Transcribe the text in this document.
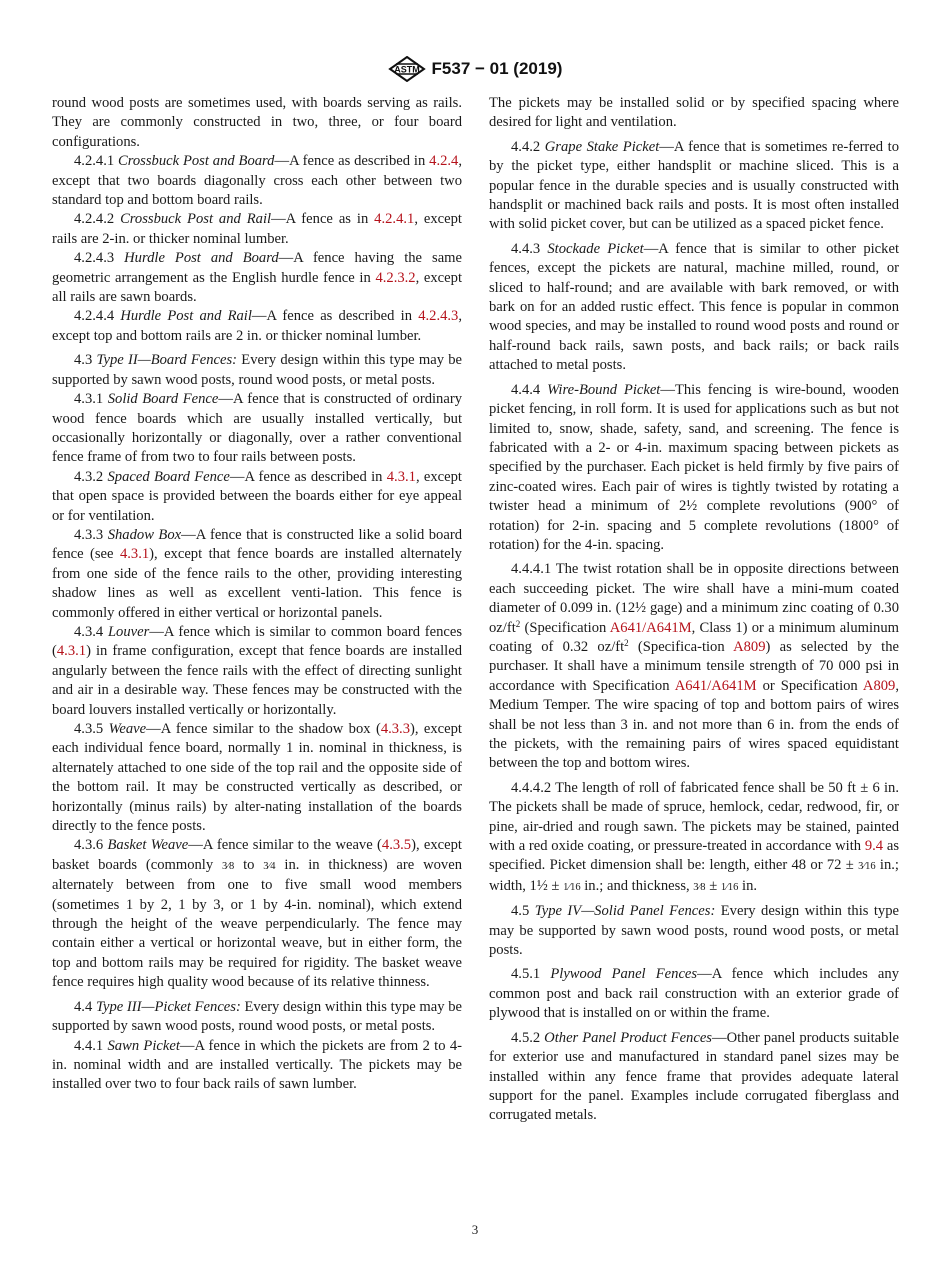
ASTM F537 − 01 (2019)

round wood posts are sometimes used, with boards serving as rails. They are commonly constructed in two, three, or four board configurations.

4.2.4.1 Crossbuck Post and Board—A fence as described in 4.2.4, except that two boards diagonally cross each other between two standard top and bottom board rails.

4.2.4.2 Crossbuck Post and Rail—A fence as in 4.2.4.1, except rails are 2-in. or thicker nominal lumber.

4.2.4.3 Hurdle Post and Board—A fence having the same geometric arrangement as the English hurdle fence in 4.2.3.2, except all rails are sawn boards.

4.2.4.4 Hurdle Post and Rail—A fence as described in 4.2.4.3, except top and bottom rails are 2 in. or thicker nominal lumber.

4.3 Type II—Board Fences: Every design within this type may be supported by sawn wood posts, round wood posts, or metal posts.

4.3.1 Solid Board Fence—A fence that is constructed of ordinary wood fence boards which are usually installed vertically, but occasionally horizontally or diagonally, over a rather conventional fence frame of from two to four rails between posts.

4.3.2 Spaced Board Fence—A fence as described in 4.3.1, except that open space is provided between the boards either for eye appeal or for ventilation.

4.3.3 Shadow Box—A fence that is constructed like a solid board fence (see 4.3.1), except that fence boards are installed alternately from one side of the fence rails to the other, providing interesting shadow lines as well as excellent venti-lation. This fence is commonly offered in either vertical or horizontal panels.

4.3.4 Louver—A fence which is similar to common board fences (4.3.1) in frame configuration, except that fence boards are installed angularly between the fence rails with the effect of directing sunlight and air in a desirable way. These fences may be constructed with the board louvers installed vertically or horizontally.

4.3.5 Weave—A fence similar to the shadow box (4.3.3), except each individual fence board, normally 1 in. nominal in thickness, is alternately attached to one side of the top rail and the opposite side of the bottom rail. It may be constructed vertically as described, or horizontally (minus rails) by alter-nating installation of the boards directly to the fence posts.

4.3.6 Basket Weave—A fence similar to the weave (4.3.5), except basket boards (commonly 3⁄8 to 3⁄4 in. in thickness) are woven alternately between from one to five small wood members (sometimes 1 by 2, 1 by 3, or 1 by 4-in. nominal), which extend through the height of the weave perpendicularly. The fence may contain either a vertical or horizontal weave, but in either form, the top and bottom rails may be required for rigidity. The basket weave fence requires high quality wood because of its relative thinness.

4.4 Type III—Picket Fences: Every design within this type may be supported by sawn wood posts, round wood posts, or metal posts.

4.4.1 Sawn Picket—A fence in which the pickets are from 2 to 4-in. nominal width and are installed vertically. The pickets may be installed over two to four back rails of sawn lumber.

The pickets may be installed solid or by specified spacing where desired for light and ventilation.

4.4.2 Grape Stake Picket—A fence that is sometimes re-ferred to by the picket type, either handsplit or machine sliced. This is a popular fence in the durable species and is usually constructed with handsplit or machined back rails and posts. It is most often installed with solid picket cover, but can be utilized as a spaced picket fence.

4.4.3 Stockade Picket—A fence that is similar to other picket fences, except the pickets are natural, machine milled, round, or sliced to half-round; and are available with bark removed, or with bark on for an added rustic effect. This fence is popular in common wood species, and may be installed to round wood posts and round or half-round back rails, sawn posts, and back rails; or back rails attached to metal posts.

4.4.4 Wire-Bound Picket—This fencing is wire-bound, wooden picket fencing, in roll form. It is used for applications such as but not limited to, snow, shade, safety, sand, and screening. The fence is fabricated with a 2- or 4-in. maximum spacing between pickets as specified by the purchaser. Each picket is held firmly by five pairs of zinc-coated wires. Each pair of wires is tightly twisted by rotating a twister head a minimum of 2½ complete revolutions (900° of rotation) for 2-in. spacing and 5 complete revolutions (1800° of rotation) for the 4-in. spacing.

4.4.4.1 The twist rotation shall be in opposite directions between each succeeding picket. The wire shall have a mini-mum coated diameter of 0.099 in. (12½ gage) and a minimum zinc coating of 0.30 $oz/ft^2$ (Specification A641/A641M, Class 1) or a minimum aluminum coating of 0.32 $oz/ft^2$ (Specifica-tion A809) as selected by the purchaser. It shall have a minimum tensile strength of 70 000 psi in accordance with Specification A641/A641M or Specification A809, Medium Temper. The wire spacing of top and bottom pairs of wires shall be not less than 3 in. and not more than 6 in. from the ends of the pickets, with the remaining pairs of wires spaced equidistant between the top and bottom wires.

4.4.4.2 The length of roll of fabricated fence shall be 50 ft ± 6 in. The pickets shall be made of spruce, hemlock, cedar, redwood, fir, or pine, air-dried and rough sawn. The pickets may be stained, painted with a red oxide coating, or pressure-treated in accordance with 9.4 as specified. Picket dimension shall be: length, either 48 or 72 ± 3⁄16 in.; width, 1½ ± 1⁄16 in.; and thickness, 3⁄8 ± 1⁄16 in.

4.5 Type IV—Solid Panel Fences: Every design within this type may be supported by sawn wood posts, round wood posts, or metal posts.

4.5.1 Plywood Panel Fences—A fence which includes any common post and back rail construction with an exterior grade of plywood that is installed on or within the frame.

4.5.2 Other Panel Product Fences—Other panel products suitable for exterior use and manufactured in standard panel sizes may be installed within any fence frame that provides adequate lateral support for the panel. Examples include corrugated fiberglass and corrugated metals.

3
